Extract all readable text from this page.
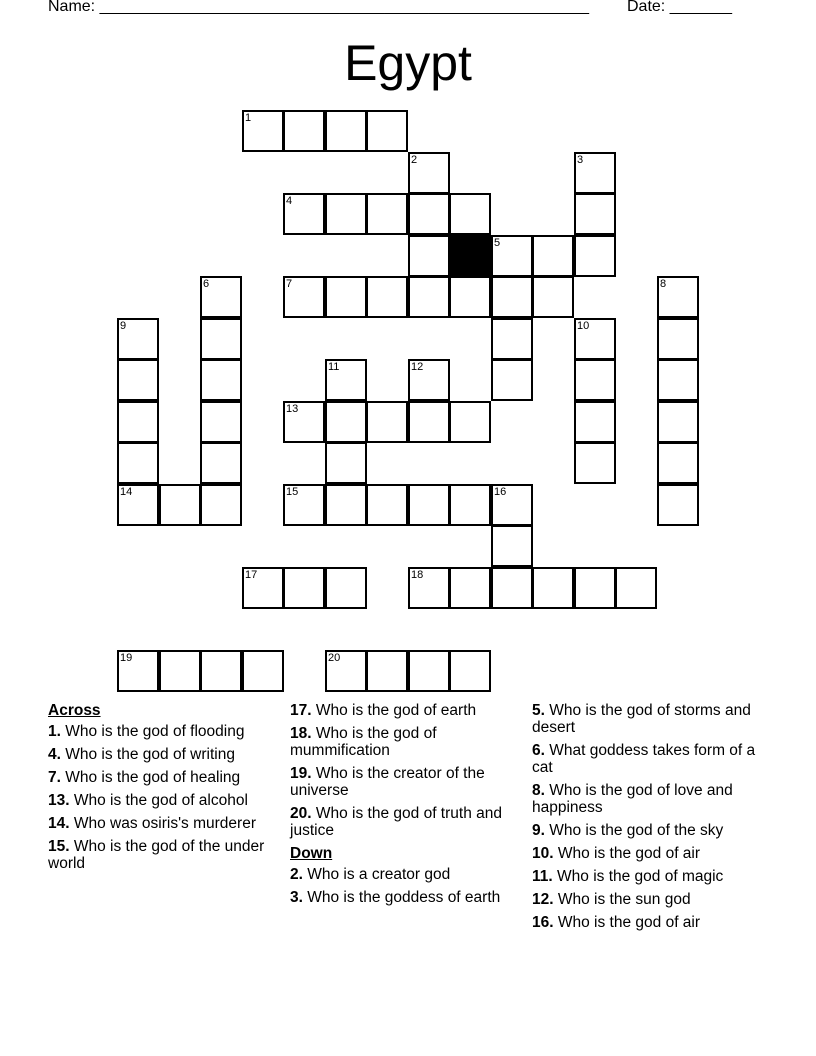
Name: _______________________________________________________ Date: _______
Egypt
1
2	3
4
5
6	7	8
9	10
11	12
13
14	15	16
17	18
19	20
Across
1. Who is the god of flooding
4. Who is the god of writing
7. Who is the god of healing
13. Who is the god of alcohol
14. Who was osiris's murderer
15. Who is the god of the under world
17. Who is the god of earth
18. Who is the god of mummification
19. Who is the creator of the universe
20. Who is the god of truth and justice
Down
2. Who is a creator god
3. Who is the goddess of earth
5. Who is the god of storms and desert
6. What goddess takes form of a cat
8. Who is the god of love and happiness
9. Who is the god of the sky
10. Who is the god of air
11. Who is the god of magic
12. Who is the sun god
16. Who is the god of air
